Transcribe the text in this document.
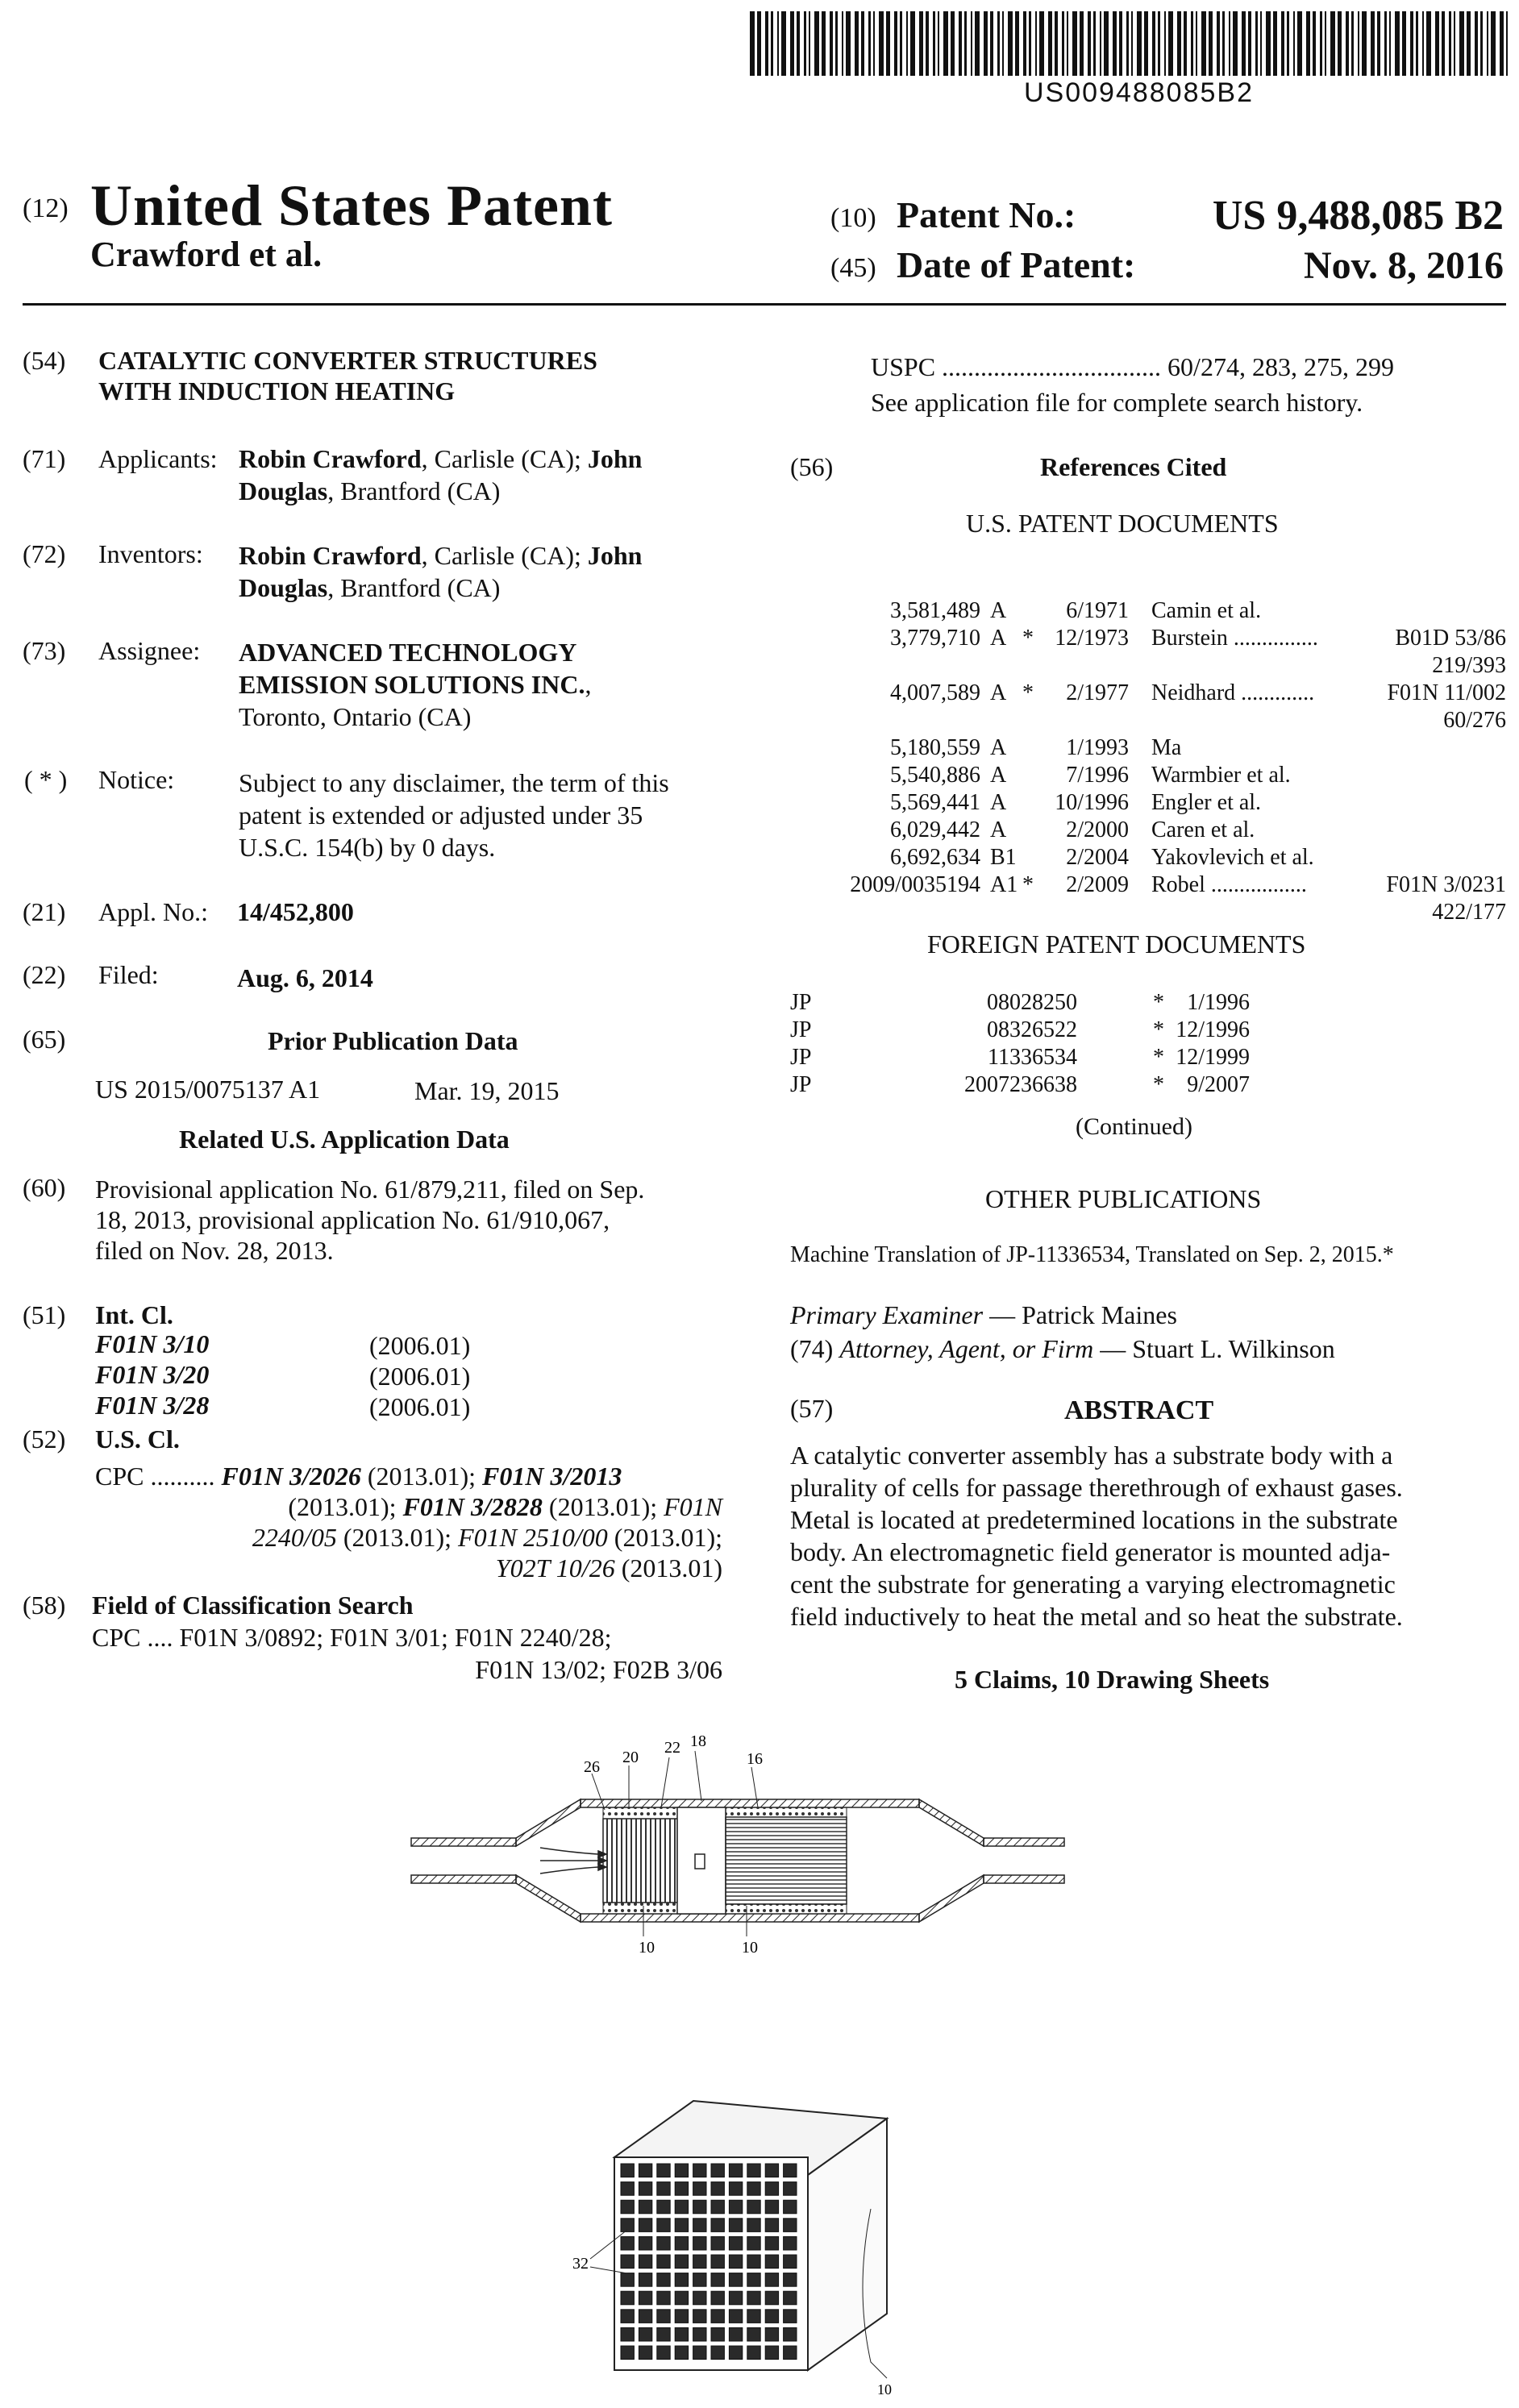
US009488085B2
(12) United States Patent
Crawford et al.
(10) Patent No.:	US 9,488,085 B2
(45) Date of Patent:	Nov. 8, 2016
(54) CATALYTIC CONVERTER STRUCTURES
WITH INDUCTION HEATING
(71) Applicants: Robin Crawford, Carlisle (CA); John
Douglas, Brantford (CA)
(72) Inventors: Robin Crawford, Carlisle (CA); John
Douglas, Brantford (CA)
(73) Assignee: ADVANCED TECHNOLOGY
EMISSION SOLUTIONS INC.,
Toronto, Ontario (CA)
( * ) Notice: Subject to any disclaimer, the term of this
patent is extended or adjusted under 35
U.S.C. 154(b) by 0 days.
(21) Appl. No.: 14/452,800
(22) Filed:	Aug. 6, 2014
(65)	Prior Publication Data
US 2015/0075137 A1	Mar. 19, 2015
Related U.S. Application Data
(60) Provisional application No. 61/879,211, filed on Sep.
18, 2013, provisional application No. 61/910,067,
filed on Nov. 28, 2013.
(51) Int. Cl.
F01N 3/10	(2006.01)
F01N 3/20	(2006.01)
F01N 3/28	(2006.01)
(52) U.S. Cl.
CPC .......... F01N 3/2026 (2013.01); F01N 3/2013
(2013.01); F01N 3/2828 (2013.01); F01N
2240/05 (2013.01); F01N 2510/00 (2013.01);
Y02T 10/26 (2013.01)
(58) Field of Classification Search
CPC .... F01N 3/0892; F01N 3/01; F01N 2240/28;
F01N 13/02; F02B 3/06
USPC .................................. 60/274, 283, 275, 299
See application file for complete search history.
(56)	References Cited
U.S. PATENT DOCUMENTS
3,581,489 A	6/1971 Camin et al.
3,779,710 A * 12/1973 Burstein ...............	B01D 53/86
219/393
4,007,589 A *	2/1977 Neidhard .............	F01N 11/002
60/276
5,180,559 A	1/1993 Ma
5,540,886 A	7/1996 Warmbier et al.
5,569,441 A	10/1996 Engler et al.
6,029,442 A	2/2000 Caren et al.
6,692,634 B1	2/2004 Yakovlevich et al.
2009/0035194 A1 *	2/2009 Robel .................	F01N 3/0231
422/177
FOREIGN PATENT DOCUMENTS
JP	08028250	*	1/1996
JP	08326522	* 12/1996
JP	11336534	* 12/1999
JP	2007236638	*	9/2007
(Continued)
OTHER PUBLICATIONS
Machine Translation of JP-11336534, Translated on Sep. 2, 2015.*
Primary Examiner — Patrick Maines
(74) Attorney, Agent, or Firm — Stuart L. Wilkinson
(57)	ABSTRACT
A catalytic converter assembly has a substrate body with a
plurality of cells for passage therethrough of exhaust gases.
Metal is located at predetermined locations in the substrate
body. An electromagnetic field generator is mounted adja-
cent the substrate for generating a varying electromagnetic
field inductively to heat the metal and so heat the substrate.
5 Claims, 10 Drawing Sheets
26
20
22 18
16
10	10
32
10
